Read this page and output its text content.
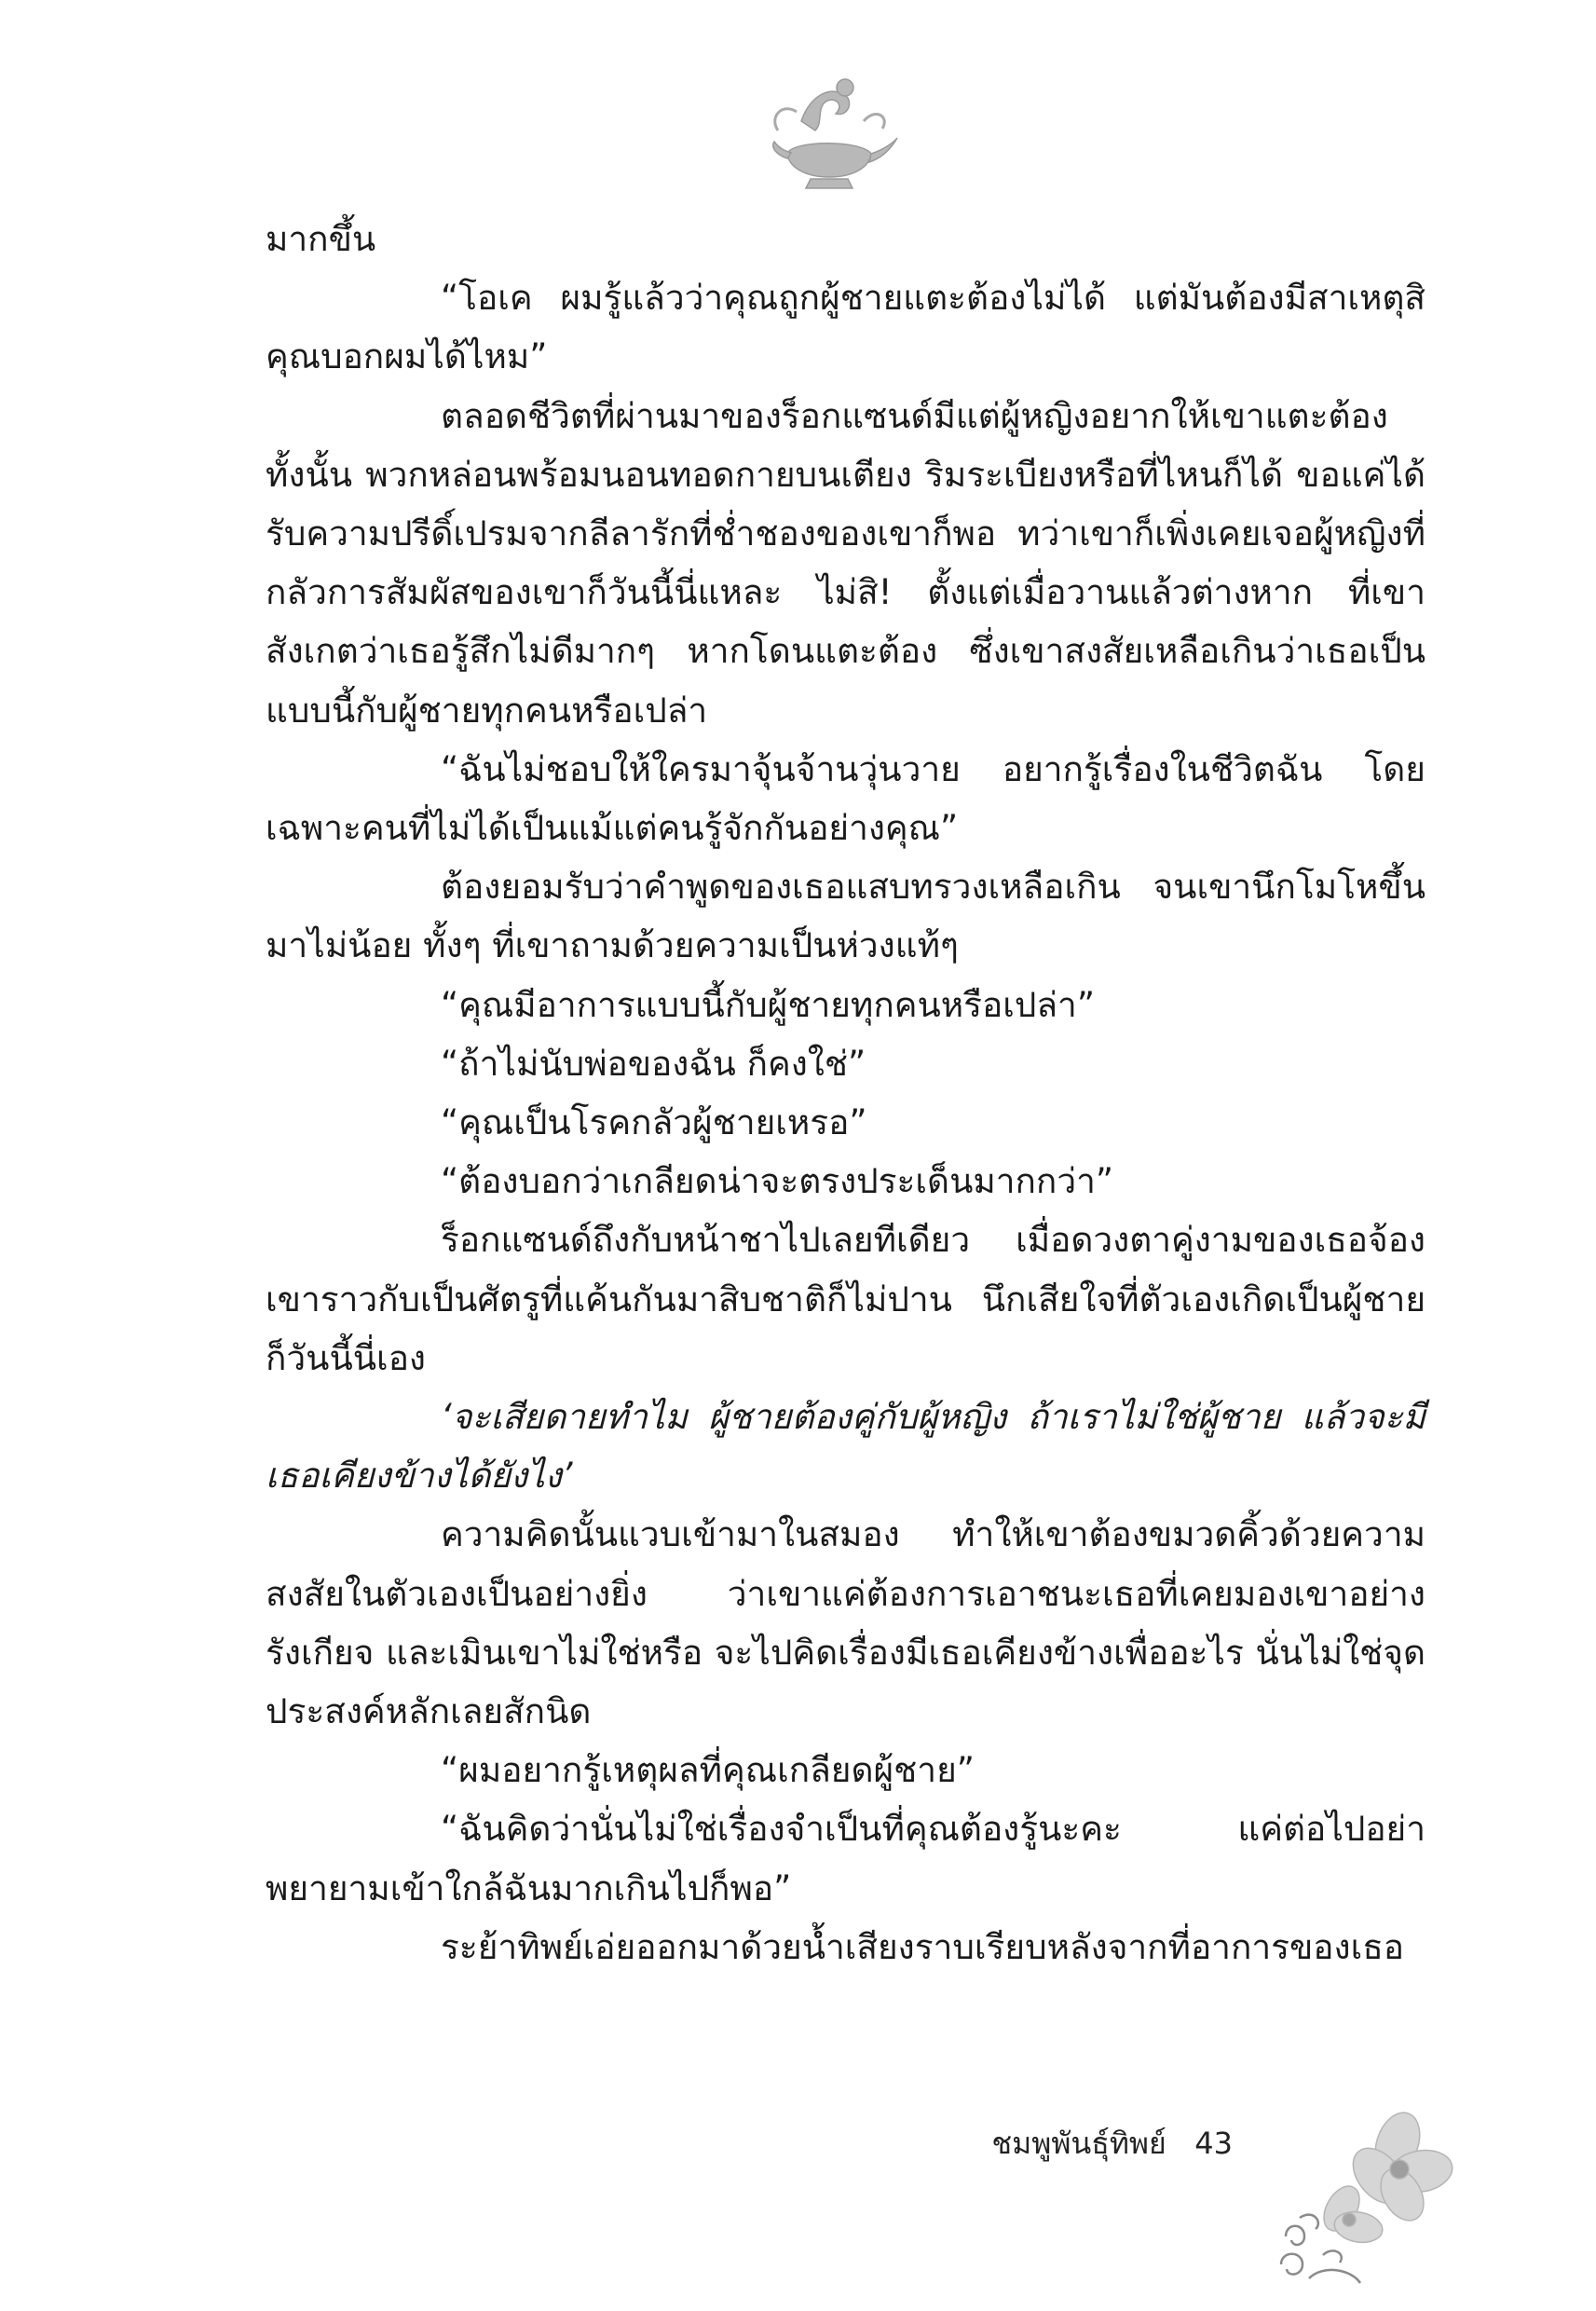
มากขึ้น

“โอเค ผมรู้แล้วว่าคุณถูกผู้ชายแตะต้องไม่ได้ แต่มันต้องมีสาเหตุสิ คุณบอกผมได้ไหม”

ตลอดชีวิตที่ผ่านมาของร็อกแซนด์มีแต่ผู้หญิงอยากให้เขาแตะต้องทั้งนั้น พวกหล่อนพร้อมนอนทอดกายบนเตียง ริมระเบียงหรือที่ไหนก็ได้ ขอแค่ได้รับความปรีดิ์เปรมจากลีลารักที่ช่ำชองของเขาก็พอ ทว่าเขาก็เพิ่งเคยเจอผู้หญิงที่กลัวการสัมผัสของเขาก็วันนี้นี่แหละ ไม่สิ! ตั้งแต่เมื่อวานแล้วต่างหาก ที่เขาสังเกตว่าเธอรู้สึกไม่ดีมากๆ หากโดนแตะต้อง ซึ่งเขาสงสัยเหลือเกินว่าเธอเป็นแบบนี้กับผู้ชายทุกคนหรือเปล่า

“ฉันไม่ชอบให้ใครมาจุ้นจ้านวุ่นวาย อยากรู้เรื่องในชีวิตฉัน โดยเฉพาะคนที่ไม่ได้เป็นแม้แต่คนรู้จักกันอย่างคุณ”

ต้องยอมรับว่าคำพูดของเธอแสบทรวงเหลือเกิน จนเขานึกโมโหขึ้นมาไม่น้อย ทั้งๆ ที่เขาถามด้วยความเป็นห่วงแท้ๆ

“คุณมีอาการแบบนี้กับผู้ชายทุกคนหรือเปล่า”

“ถ้าไม่นับพ่อของฉัน ก็คงใช่”

“คุณเป็นโรคกลัวผู้ชายเหรอ”

“ต้องบอกว่าเกลียดน่าจะตรงประเด็นมากกว่า”

ร็อกแซนด์ถึงกับหน้าชาไปเลยทีเดียว เมื่อดวงตาคู่งามของเธอจ้องเขาราวกับเป็นศัตรูที่แค้นกันมาสิบชาติก็ไม่ปาน นึกเสียใจที่ตัวเองเกิดเป็นผู้ชายก็วันนี้นี่เอง

‘จะเสียดายทำไม ผู้ชายต้องคู่กับผู้หญิง ถ้าเราไม่ใช่ผู้ชาย แล้วจะมีเธอเคียงข้างได้ยังไง’

ความคิดนั้นแวบเข้ามาในสมอง ทำให้เขาต้องขมวดคิ้วด้วยความสงสัยในตัวเองเป็นอย่างยิ่ง ว่าเขาแค่ต้องการเอาชนะเธอที่เคยมองเขาอย่างรังเกียจ และเมินเขาไม่ใช่หรือ จะไปคิดเรื่องมีเธอเคียงข้างเพื่ออะไร นั่นไม่ใช่จุดประสงค์หลักเลยสักนิด

“ผมอยากรู้เหตุผลที่คุณเกลียดผู้ชาย”

“ฉันคิดว่านั่นไม่ใช่เรื่องจำเป็นที่คุณต้องรู้นะคะ แค่ต่อไปอย่าพยายามเข้าใกล้ฉันมากเกินไปก็พอ”

ระย้าทิพย์เอ่ยออกมาด้วยน้ำเสียงราบเรียบหลังจากที่อาการของเธอ

ชมพูพันธุ์ทิพย์ 43
